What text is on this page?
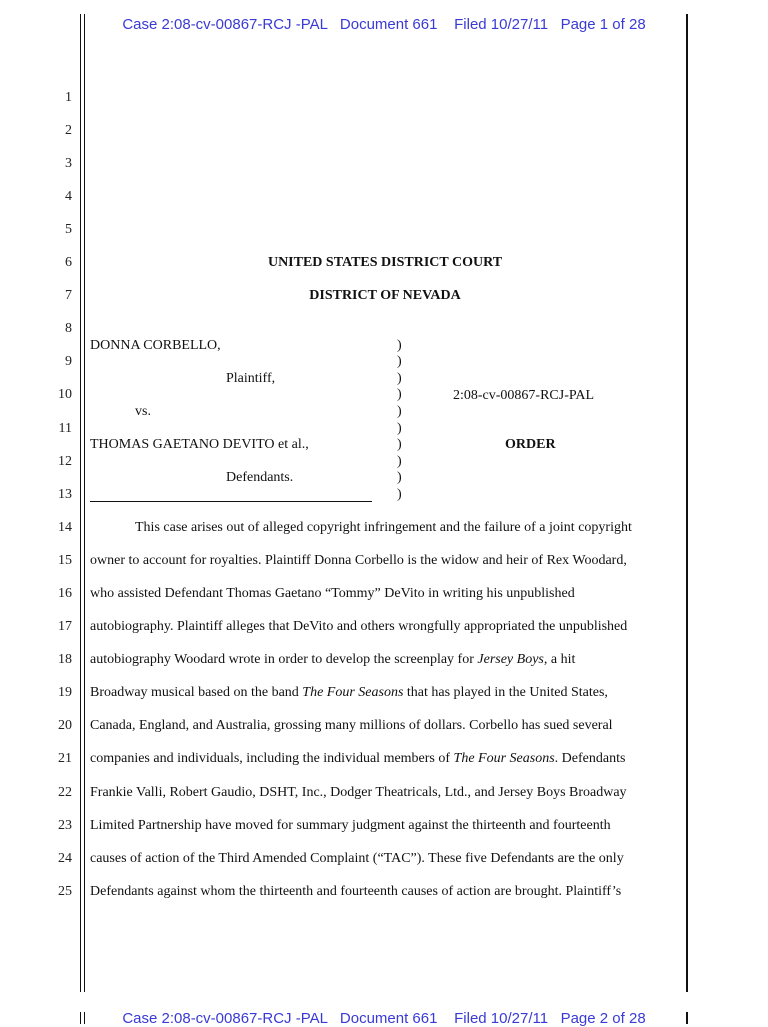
Case 2:08-cv-00867-RCJ -PAL   Document 661    Filed 10/27/11   Page 1 of 28
Case 2:08-cv-00867-RCJ -PAL   Document 661    Filed 10/27/11   Page 2 of 28
1
2
3
4
5
6
7
8
9
10
11
12
13
14
15
16
17
18
19
20
21
22
23
24
25
UNITED STATES DISTRICT COURT
DISTRICT OF NEVADA
DONNA CORBELLO,
Plaintiff,
vs.
THOMAS GAETANO DEVITO et al.,
Defendants.
)
)
)
)
)
)
)
)
)
)
2:08-cv-00867-RCJ-PAL
ORDER
This case arises out of alleged copyright infringement and the failure of a joint copyright
owner to account for royalties. Plaintiff Donna Corbello is the widow and heir of Rex Woodard,
who assisted Defendant Thomas Gaetano “Tommy” DeVito in writing his unpublished
autobiography. Plaintiff alleges that DeVito and others wrongfully appropriated the unpublished
autobiography Woodard wrote in order to develop the screenplay for Jersey Boys, a hit
Broadway musical based on the band The Four Seasons that has played in the United States,
Canada, England, and Australia, grossing many millions of dollars. Corbello has sued several
companies and individuals, including the individual members of The Four Seasons. Defendants
Frankie Valli, Robert Gaudio, DSHT, Inc., Dodger Theatricals, Ltd., and Jersey Boys Broadway
Limited Partnership have moved for summary judgment against the thirteenth and fourteenth
causes of action of the Third Amended Complaint (“TAC”). These five Defendants are the only
Defendants against whom the thirteenth and fourteenth causes of action are brought. Plaintiff’s
